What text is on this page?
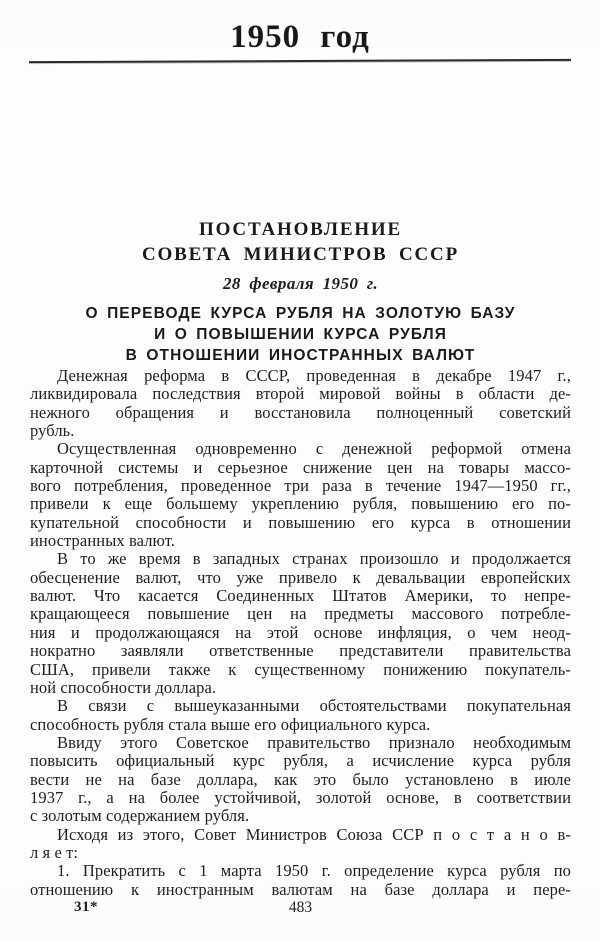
1950 год
ПОСТАНОВЛЕНИЕ
СОВЕТА МИНИСТРОВ СССР
28 февраля 1950 г.
О ПЕРЕВОДЕ КУРСА РУБЛЯ НА ЗОЛОТУЮ БАЗУ
И О ПОВЫШЕНИИ КУРСА РУБЛЯ
В ОТНОШЕНИИ ИНОСТРАННЫХ ВАЛЮТ

Денежная реформа в СССР, проведенная в декабре 1947 г.,
ликвидировала последствия второй мировой войны в области де-
нежного обращения и восстановила полноценный советский
рубль.

Осуществленная одновременно с денежной реформой отмена
карточной системы и серьезное снижение цен на товары массо-
вого потребления, проведенное три раза в течение 1947—1950 гг.,
привели к еще большему укреплению рубля, повышению его по-
купательной способности и повышению его курса в отношении
иностранных валют.

В то же время в западных странах произошло и продолжается
обесценение валют, что уже привело к девальвации европейских
валют. Что касается Соединенных Штатов Америки, то непре-
кращающееся повышение цен на предметы массового потребле-
ния и продолжающаяся на этой основе инфляция, о чем неод-
нократно заявляли ответственные представители правительства
США, привели также к существенному понижению покупатель-
ной способности доллара.

В связи с вышеуказанными обстоятельствами покупательная
способность рубля стала выше его официального курса.

Ввиду этого Советское правительство признало необходимым
повысить официальный курс рубля, а исчисление курса рубля
вести не на базе доллара, как это было установлено в июле
1937 г., а на более устойчивой, золотой основе, в соответствии
с золотым содержанием рубля.

Исходя из этого, Совет Министров Союза ССР п о с т а н о в-
л я е т:

1. Прекратить с 1 марта 1950 г. определение курса рубля по
отношению к иностранным валютам на базе доллара и пере-

31*	483
